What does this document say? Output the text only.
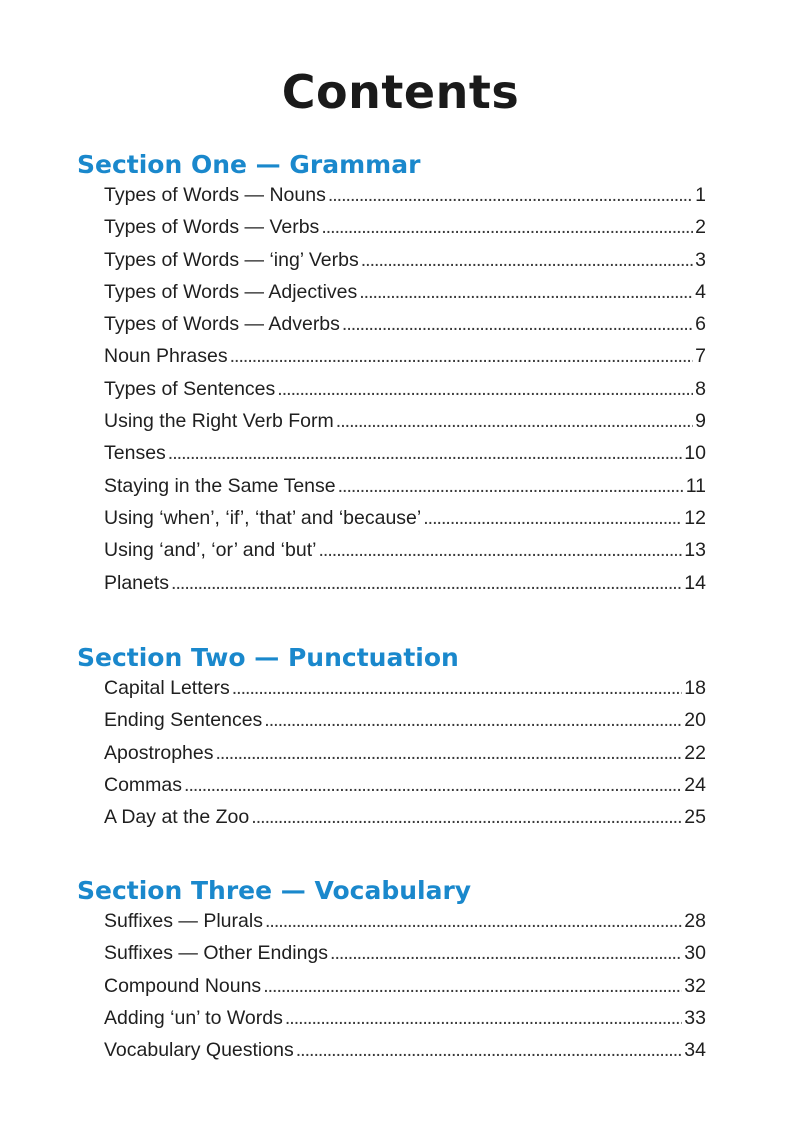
Contents
Section One — Grammar
Types of Words — Nouns . . .	1
Types of Words — Verbs . . .	2
Types of Words — ‘ing’ Verbs . . .	3
Types of Words — Adjectives . . .	4
Types of Words — Adverbs . . .	6
Noun Phrases . . .	7
Types of Sentences . . .	8
Using the Right Verb Form . . .	9
Tenses . . .	10
Staying in the Same Tense . . .	11
Using ‘when’, ‘if’, ‘that’ and ‘because’ . . .	12
Using ‘and’, ‘or’ and ‘but’ . . .	13
Planets . . .	14
Section Two — Punctuation
Capital Letters . . .	18
Ending Sentences . . .	20
Apostrophes . . .	22
Commas . . .	24
A Day at the Zoo . . .	25
Section Three — Vocabulary
Suffixes — Plurals . . .	28
Suffixes — Other Endings . . .	30
Compound Nouns . . .	32
Adding ‘un’ to Words . . .	33
Vocabulary Questions . . .	34
